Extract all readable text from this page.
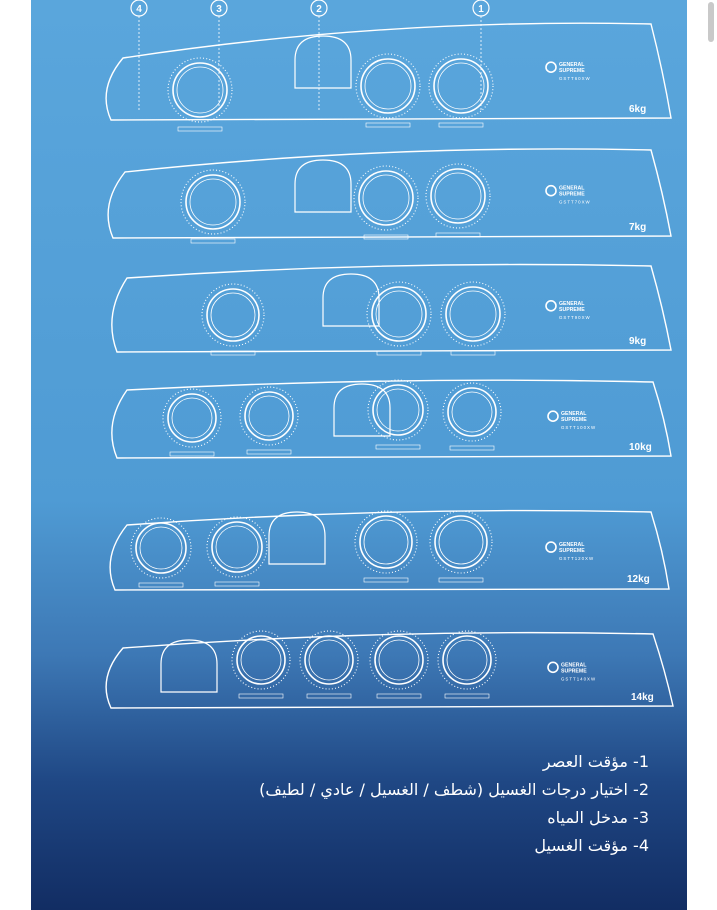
GENERAL
SUPREME
GSTT60XW
6kg
GENERAL
SUPREME
GSTT70XW
7kg
GENERAL
SUPREME
GSTT90XW
9kg
GENERAL
SUPREME
GSTT100XW
10kg
GENERAL
SUPREME
GSTT120XW
12kg
GENERAL
SUPREME
GSTT140XW
14kg
4	3	2	1
1- مؤقت العصر
2- اختيار درجات الغسيل (شطف / الغسيل / عادي / لطيف)
3- مدخل المياه
4- مؤقت الغسيل
